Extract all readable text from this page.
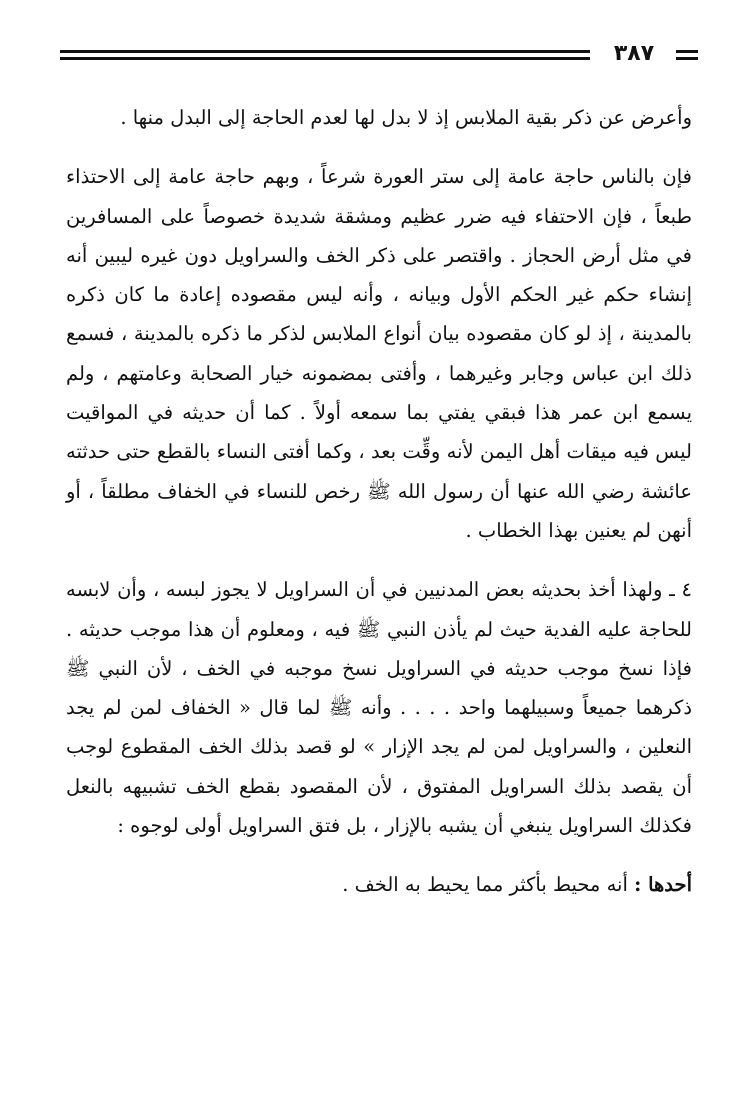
٣٨٧

وأعرض عن ذكر بقية الملابس إذ لا بدل لها لعدم الحاجة إلى البدل منها .

فإن بالناس حاجة عامة إلى ستر العورة شرعاً ، وبهم حاجة عامة إلى الاحتذاء طبعاً ، فإن الاحتفاء فيه ضرر عظيم ومشقة شديدة خصوصاً على المسافرين في مثل أرض الحجاز . واقتصر على ذكر الخف والسراويل دون غيره ليبين أنه إنشاء حكم غير الحكم الأول وبيانه ، وأنه ليس مقصوده إعادة ما كان ذكره بالمدينة ، إذ لو كان مقصوده بيان أنواع الملابس لذكر ما ذكره بالمدينة ، فسمع ذلك ابن عباس وجابر وغيرهما ، وأفتى بمضمونه خيار الصحابة وعامتهم ، ولم يسمع ابن عمر هذا فبقي يفتي بما سمعه أولاً . كما أن حديثه في المواقيت ليس فيه ميقات أهل اليمن لأنه وقِّت بعد ، وكما أفتى النساء بالقطع حتى حدثته عائشة رضي الله عنها أن رسول الله ﷺ رخص للنساء في الخفاف مطلقاً ، أو أنهن لم يعنين بهذا الخطاب .

٤ ـ ولهذا أخذ بحديثه بعض المدنيين في أن السراويل لا يجوز لبسه ، وأن لابسه للحاجة عليه الفدية حيث لم يأذن النبي ﷺ فيه ، ومعلوم أن هذا موجب حديثه . فإذا نسخ موجب حديثه في السراويل نسخ موجبه في الخف ، لأن النبي ﷺ ذكرهما جميعاً وسبيلهما واحد . . . . وأنه ﷺ لما قال « الخفاف لمن لم يجد النعلين ، والسراويل لمن لم يجد الإزار » لو قصد بذلك الخف المقطوع لوجب أن يقصد بذلك السراويل المفتوق ، لأن المقصود بقطع الخف تشبيهه بالنعل فكذلك السراويل ينبغي أن يشبه بالإزار ، بل فتق السراويل أولى لوجوه :

أحدها : أنه محيط بأكثر مما يحيط به الخف .
